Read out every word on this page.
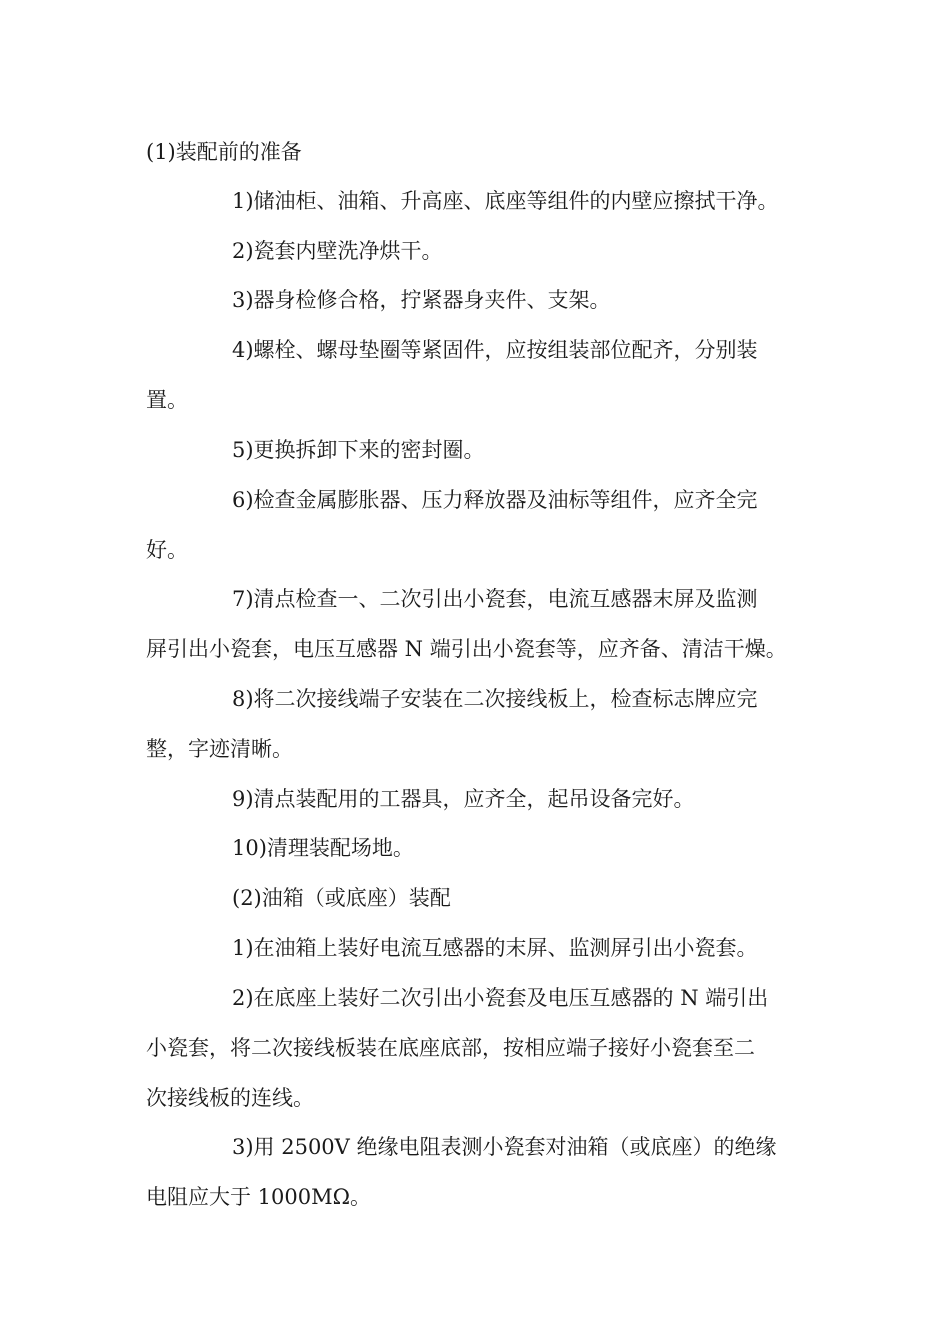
(1)装配前的准备
1)储油柜、油箱、升高座、底座等组件的内壁应擦拭干净。
2)瓷套内壁洗净烘干。
3)器身检修合格，拧紧器身夹件、支架。
4)螺栓、螺母垫圈等紧固件，应按组装部位配齐，分别装
置。
5)更换拆卸下来的密封圈。
6)检查金属膨胀器、压力释放器及油标等组件，应齐全完
好。
7)清点检查一、二次引出小瓷套，电流互感器末屏及监测
屏引出小瓷套，电压互感器 N 端引出小瓷套等，应齐备、清洁干燥。
8)将二次接线端子安装在二次接线板上，检查标志牌应完
整，字迹清晰。
9)清点装配用的工器具，应齐全，起吊设备完好。
10)清理装配场地。
(2)油箱（或底座）装配
1)在油箱上装好电流互感器的末屏、监测屏引出小瓷套。
2)在底座上装好二次引出小瓷套及电压互感器的 N 端引出
小瓷套，将二次接线板装在底座底部，按相应端子接好小瓷套至二
次接线板的连线。
3)用 2500V 绝缘电阻表测小瓷套对油箱（或底座）的绝缘
电阻应大于 1000MΩ。
